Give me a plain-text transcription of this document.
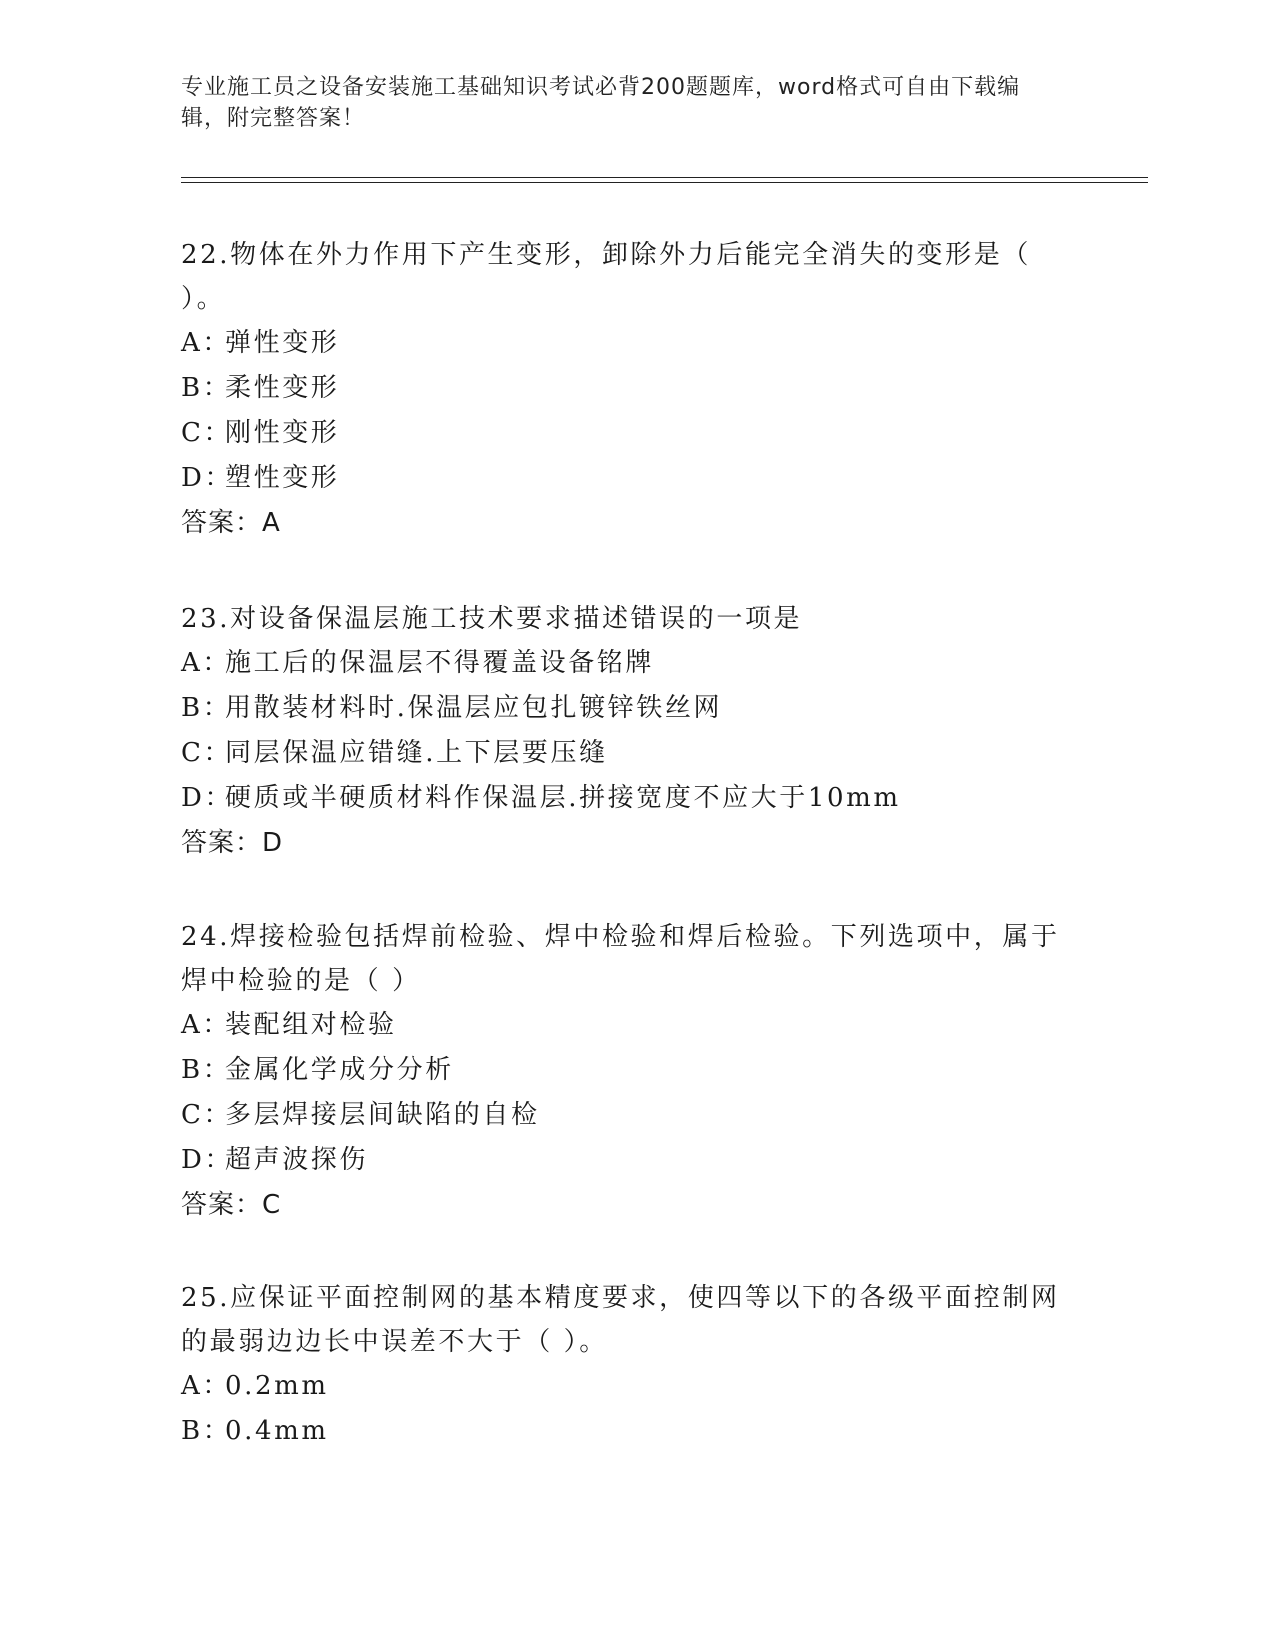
专业施工员之设备安装施工基础知识考试必背200题题库，word格式可自由下载编辑，附完整答案！

22.物体在外力作用下产生变形，卸除外力后能完全消失的变形是（ ）。

A：弹性变形

B：柔性变形

C：刚性变形

D：塑性变形

答案：A

23.对设备保温层施工技术要求描述错误的一项是

A：施工后的保温层不得覆盖设备铭牌

B：用散装材料时.保温层应包扎镀锌铁丝网

C：同层保温应错缝.上下层要压缝

D：硬质或半硬质材料作保温层.拼接宽度不应大于10mm

答案：D

24.焊接检验包括焊前检验、焊中检验和焊后检验。下列选项中，属于焊中检验的是（ ）

A：装配组对检验

B：金属化学成分分析

C：多层焊接层间缺陷的自检

D：超声波探伤

答案：C

25.应保证平面控制网的基本精度要求，使四等以下的各级平面控制网的最弱边边长中误差不大于（ ）。

A：0.2mm

B：0.4mm
